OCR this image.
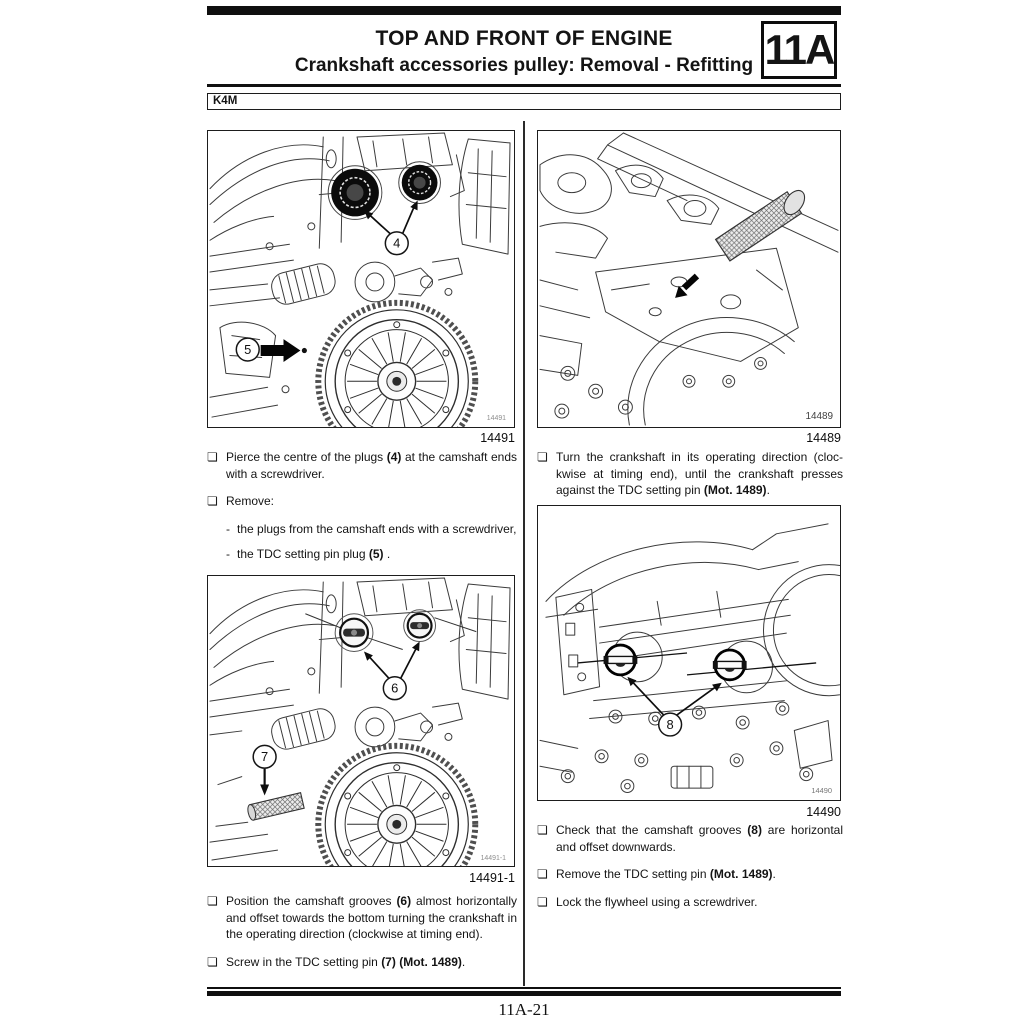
TOP AND FRONT OF ENGINE
Crankshaft accessories pulley: Removal - Refitting 11A
K4M
4
5
14491
14491
14489
14489
6
7
14491-1
14491-1
8
14490
14490
❏ Pierce the centre of the plugs (4) at the camshaft ends with a screwdriver.
❏ Remove:
- the plugs from the camshaft ends with a screwdriver,
- the TDC setting pin plug (5) .
❏ Turn the crankshaft in its operating direction (clockwise at timing end), until the crankshaft presses against the TDC setting pin (Mot. 1489).
❏ Position the camshaft grooves (6) almost horizontally and offset towards the bottom turning the crankshaft in the operating direction (clockwise at timing end).
❏ Screw in the TDC setting pin (7) (Mot. 1489).
❏ Check that the camshaft grooves (8) are horizontal and offset downwards.
❏ Remove the TDC setting pin (Mot. 1489).
❏ Lock the flywheel using a screwdriver.
11A-21
